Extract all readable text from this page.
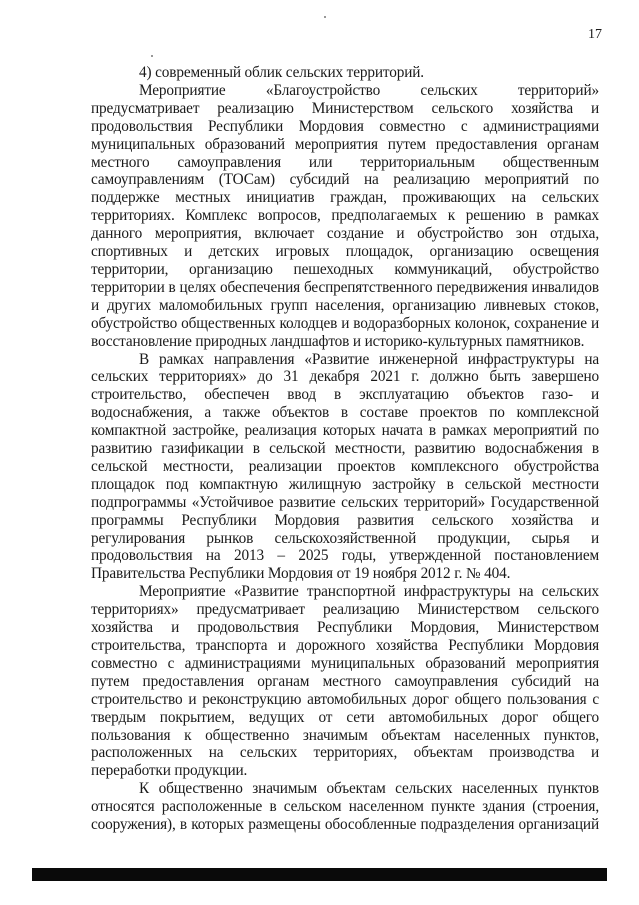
17

4) современный облик сельских территорий.

Мероприятие «Благоустройство сельских территорий» предусматривает реализацию Министерством сельского хозяйства и продовольствия Республики Мордовия совместно с администрациями муниципальных образований мероприятия путем предоставления органам местного самоуправления или территориальным общественным самоуправлениям (ТОСам) субсидий на реализацию мероприятий по поддержке местных инициатив граждан, проживающих на сельских территориях. Комплекс вопросов, предполагаемых к решению в рамках данного мероприятия, включает создание и обустройство зон отдыха, спортивных и детских игровых площадок, организацию освещения территории, организацию пешеходных коммуникаций, обустройство территории в целях обеспечения беспрепятственного передвижения инвалидов и других маломобильных групп населения, организацию ливневых стоков, обустройство общественных колодцев и водоразборных колонок, сохранение и восстановление природных ландшафтов и историко-культурных памятников.

В рамках направления «Развитие инженерной инфраструктуры на сельских территориях» до 31 декабря 2021 г. должно быть завершено строительство, обеспечен ввод в эксплуатацию объектов газо- и водоснабжения, а также объектов в составе проектов по комплексной компактной застройке, реализация которых начата в рамках мероприятий по развитию газификации в сельской местности, развитию водоснабжения в сельской местности, реализации проектов комплексного обустройства площадок под компактную жилищную застройку в сельской местности подпрограммы «Устойчивое развитие сельских территорий» Государственной программы Республики Мордовия развития сельского хозяйства и регулирования рынков сельскохозяйственной продукции, сырья и продовольствия на 2013 – 2025 годы, утвержденной постановлением Правительства Республики Мордовия от 19 ноября 2012 г. № 404.

Мероприятие «Развитие транспортной инфраструктуры на сельских территориях» предусматривает реализацию Министерством сельского хозяйства и продовольствия Республики Мордовия, Министерством строительства, транспорта и дорожного хозяйства Республики Мордовия совместно с администрациями муниципальных образований мероприятия путем предоставления органам местного самоуправления субсидий на строительство и реконструкцию автомобильных дорог общего пользования с твердым покрытием, ведущих от сети автомобильных дорог общего пользования к общественно значимым объектам населенных пунктов, расположенных на сельских территориях, объектам производства и переработки продукции.

К общественно значимым объектам сельских населенных пунктов относятся расположенные в сельском населенном пункте здания (строения, сооружения), в которых размещены обособленные подразделения организаций
